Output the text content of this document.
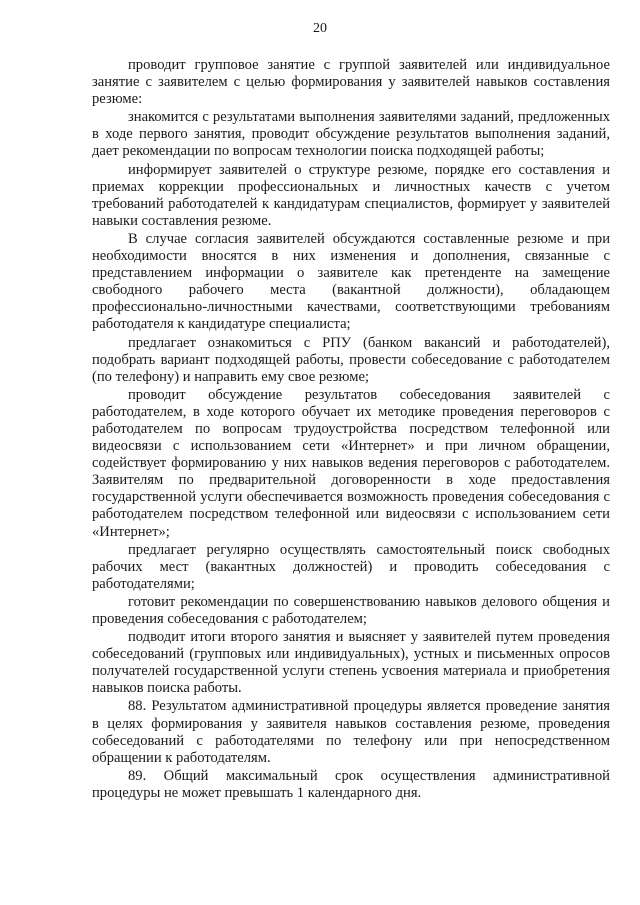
20

проводит групповое занятие с группой заявителей или индивидуальное занятие с заявителем с целью формирования у заявителей навыков составления резюме:

знакомится с результатами выполнения заявителями заданий, предложенных в ходе первого занятия, проводит обсуждение результатов выполнения заданий, дает рекомендации по вопросам технологии поиска подходящей работы;

информирует заявителей о структуре резюме, порядке его составления и приемах коррекции профессиональных и личностных качеств с учетом требований работодателей к кандидатурам специалистов, формирует у заявителей навыки составления резюме.

В случае согласия заявителей обсуждаются составленные резюме и при необходимости вносятся в них изменения и дополнения, связанные с представлением информации о заявителе как претенденте на замещение свободного рабочего места (вакантной должности), обладающем профессионально-личностными качествами, соответствующими требованиям работодателя к кандидатуре специалиста;

предлагает ознакомиться с РПУ (банком вакансий и работодателей), подобрать вариант подходящей работы, провести собеседование с работодателем (по телефону) и направить ему свое резюме;

проводит обсуждение результатов собеседования заявителей с работодателем, в ходе которого обучает их методике проведения переговоров с работодателем по вопросам трудоустройства посредством телефонной или видеосвязи с использованием сети «Интернет» и при личном обращении, содействует формированию у них навыков ведения переговоров с работодателем. Заявителям по предварительной договоренности в ходе предоставления государственной услуги обеспечивается возможность проведения собеседования с работодателем посредством телефонной или видеосвязи с использованием сети «Интернет»;

предлагает регулярно осуществлять самостоятельный поиск свободных рабочих мест (вакантных должностей) и проводить собеседования с работодателями;

готовит рекомендации по совершенствованию навыков делового общения и проведения собеседования с работодателем;

подводит итоги второго занятия и выясняет у заявителей путем проведения собеседований (групповых или индивидуальных), устных и письменных опросов получателей государственной услуги степень усвоения материала и приобретения навыков поиска работы.

88. Результатом административной процедуры является проведение занятия в целях формирования у заявителя навыков составления резюме, проведения собеседований с работодателями по телефону или при непосредственном обращении к работодателям.

89. Общий максимальный срок осуществления административной процедуры не может превышать 1 календарного дня.
